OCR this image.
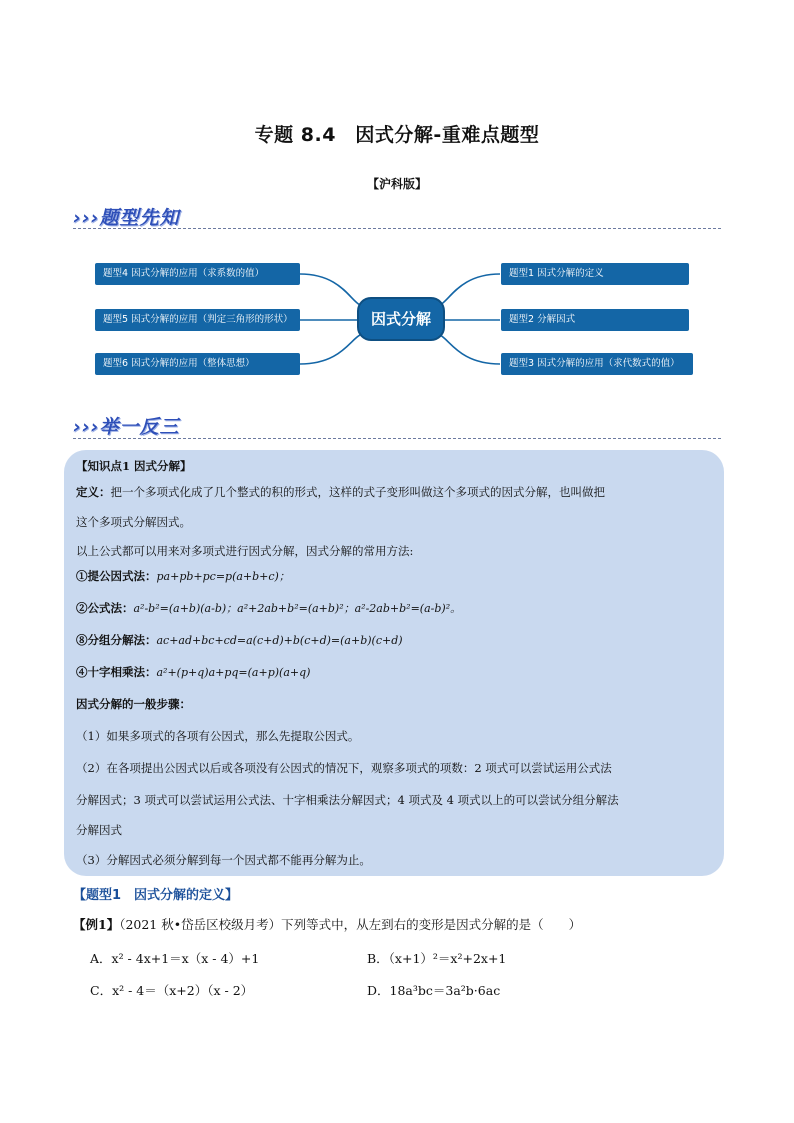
专题 8.4　因式分解-重难点题型
【沪科版】
›››题型先知
题型4 因式分解的应用（求系数的值）
题型5 因式分解的应用（判定三角形的形状）
题型6 因式分解的应用（整体思想）
因式分解
题型1 因式分解的定义
题型2 分解因式
题型3 因式分解的应用（求代数式的值）
›››举一反三
【知识点1 因式分解】
定义：把一个多项式化成了几个整式的积的形式，这样的式子变形叫做这个多项式的因式分解，也叫做把
这个多项式分解因式。
以上公式都可以用来对多项式进行因式分解，因式分解的常用方法:
①提公因式法：pa+pb+pc=p(a+b+c)；
②公式法：a²-b²=(a+b)(a-b)；a²+2ab+b²=(a+b)²；a²-2ab+b²=(a-b)²。
⑧分组分解法：ac+ad+bc+cd=a(c+d)+b(c+d)=(a+b)(c+d)
④十字相乘法：a²+(p+q)a+pq=(a+p)(a+q)
因式分解的一般步骤：
（1）如果多项式的各项有公因式，那么先提取公因式。
（2）在各项提出公因式以后或各项没有公因式的情况下，观察多项式的项数：2 项式可以尝试运用公式法
分解因式；3 项式可以尝试运用公式法、十字相乘法分解因式；4 项式及 4 项式以上的可以尝试分组分解法
分解因式
（3）分解因式必须分解到每一个因式都不能再分解为止。
【题型1　因式分解的定义】
【例1】（2021 秋•岱岳区校级月考）下列等式中，从左到右的变形是因式分解的是（　　）
A．x² - 4x+1＝x（x - 4）+1	B．（x+1）²＝x²+2x+1
C．x² - 4＝（x+2）（x - 2）	D．18a³bc＝3a²b·6ac
